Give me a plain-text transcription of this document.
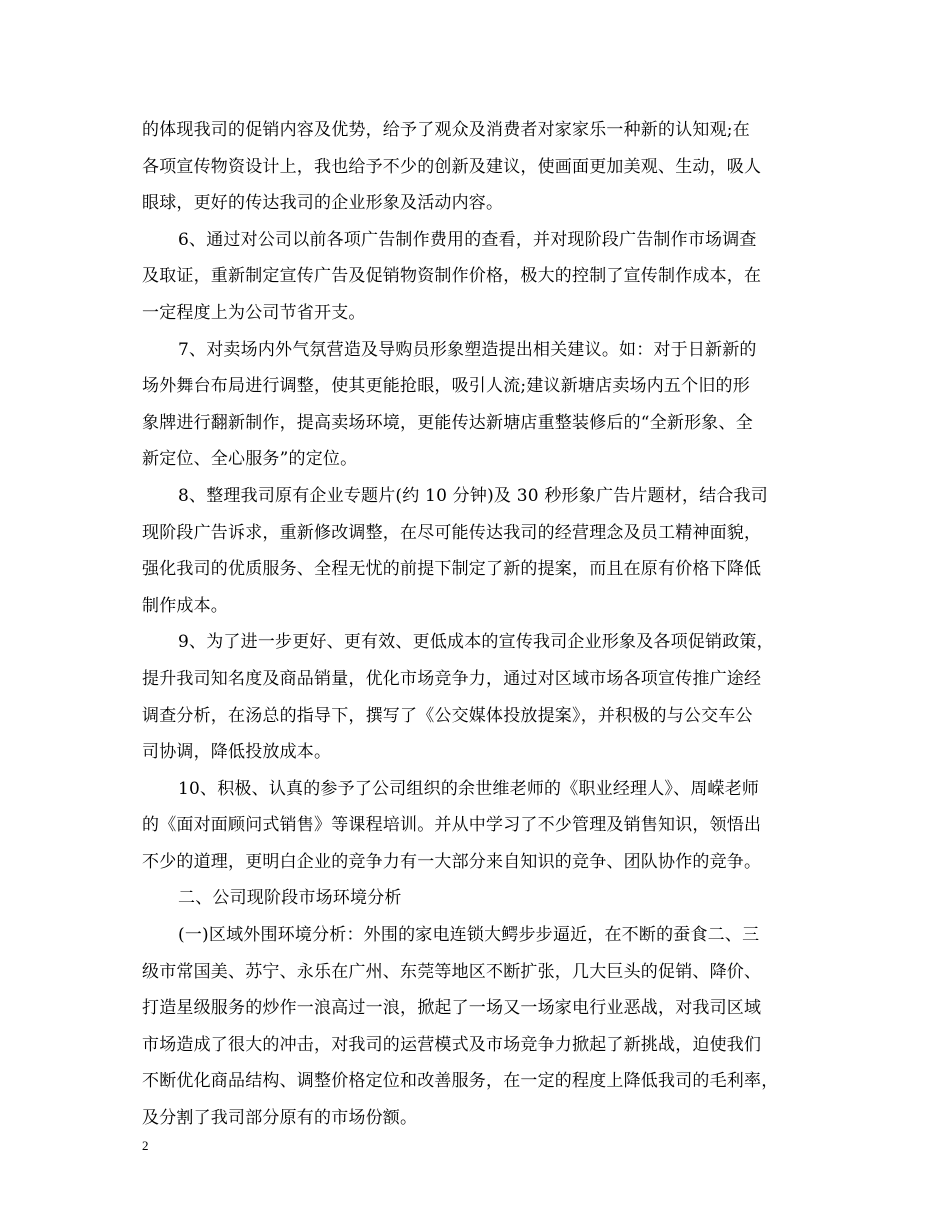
的体现我司的促销内容及优势，给予了观众及消费者对家家乐一种新的认知观;在
各项宣传物资设计上，我也给予不少的创新及建议，使画面更加美观、生动，吸人
眼球，更好的传达我司的企业形象及活动内容。
6、通过对公司以前各项广告制作费用的查看，并对现阶段广告制作市场调查
及取证，重新制定宣传广告及促销物资制作价格，极大的控制了宣传制作成本，在
一定程度上为公司节省开支。
7、对卖场内外气氛营造及导购员形象塑造提出相关建议。如：对于日新新的
场外舞台布局进行调整，使其更能抢眼，吸引人流;建议新塘店卖场内五个旧的形
象牌进行翻新制作，提高卖场环境，更能传达新塘店重整装修后的“全新形象、全
新定位、全心服务”的定位。
8、整理我司原有企业专题片(约 10 分钟)及 30 秒形象广告片题材，结合我司
现阶段广告诉求，重新修改调整，在尽可能传达我司的经营理念及员工精神面貌，
强化我司的优质服务、全程无忧的前提下制定了新的提案，而且在原有价格下降低
制作成本。
9、为了进一步更好、更有效、更低成本的宣传我司企业形象及各项促销政策，
提升我司知名度及商品销量，优化市场竞争力，通过对区域市场各项宣传推广途经
调查分析，在汤总的指导下，撰写了《公交媒体投放提案》，并积极的与公交车公
司协调，降低投放成本。
10、积极、认真的参予了公司组织的余世维老师的《职业经理人》、周嵘老师
的《面对面顾问式销售》等课程培训。并从中学习了不少管理及销售知识，领悟出
不少的道理，更明白企业的竞争力有一大部分来自知识的竞争、团队协作的竞争。
二、公司现阶段市场环境分析
(一)区域外围环境分析：外围的家电连锁大鳄步步逼近，在不断的蚕食二、三
级市常国美、苏宁、永乐在广州、东莞等地区不断扩张，几大巨头的促销、降价、
打造星级服务的炒作一浪高过一浪，掀起了一场又一场家电行业恶战，对我司区域
市场造成了很大的冲击，对我司的运营模式及市场竞争力掀起了新挑战，迫使我们
不断优化商品结构、调整价格定位和改善服务，在一定的程度上降低我司的毛利率，
及分割了我司部分原有的市场份额。
2
